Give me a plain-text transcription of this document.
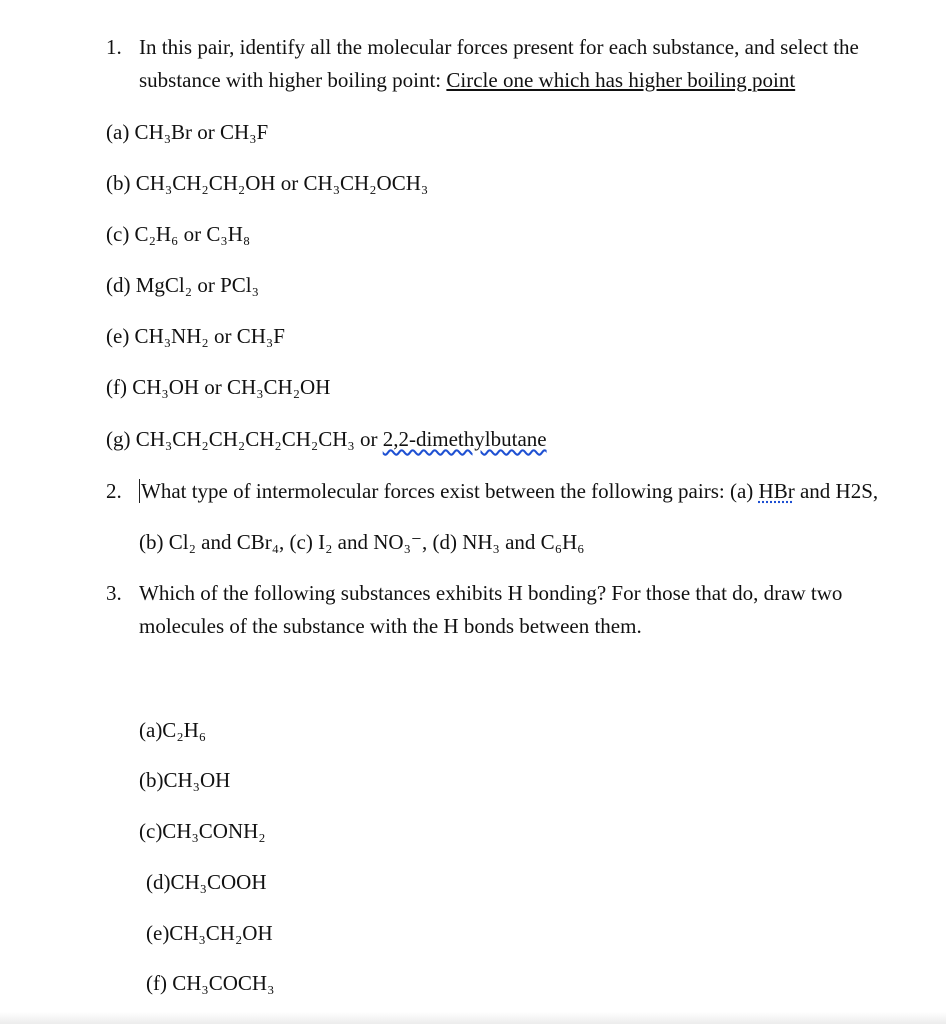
1. In this pair, identify all the molecular forces present for each substance, and select the
substance with higher boiling point: Circle one which has higher boiling point
(a) CH₃Br or CH₃F
(b) CH₃CH₂CH₂OH or CH₃CH₂OCH₃
(c) C₂H₆ or C₃H₈
(d) MgCl₂ or PCl₃
(e) CH₃NH₂ or CH₃F
(f) CH₃OH or CH₃CH₂OH
(g) CH₃CH₂CH₂CH₂CH₂CH₃ or 2,2-dimethylbutane
2. What type of intermolecular forces exist between the following pairs: (a) HBr and H2S,
(b) Cl₂ and CBr₄, (c) I₂ and NO₃⁻, (d) NH₃ and C₆H₆
3. Which of the following substances exhibits H bonding? For those that do, draw two
molecules of the substance with the H bonds between them.
(a)C₂H₆
(b)CH₃OH
(c)CH₃CONH₂
(d)CH₃COOH
(e)CH₃CH₂OH
(f) CH₃COCH₃
